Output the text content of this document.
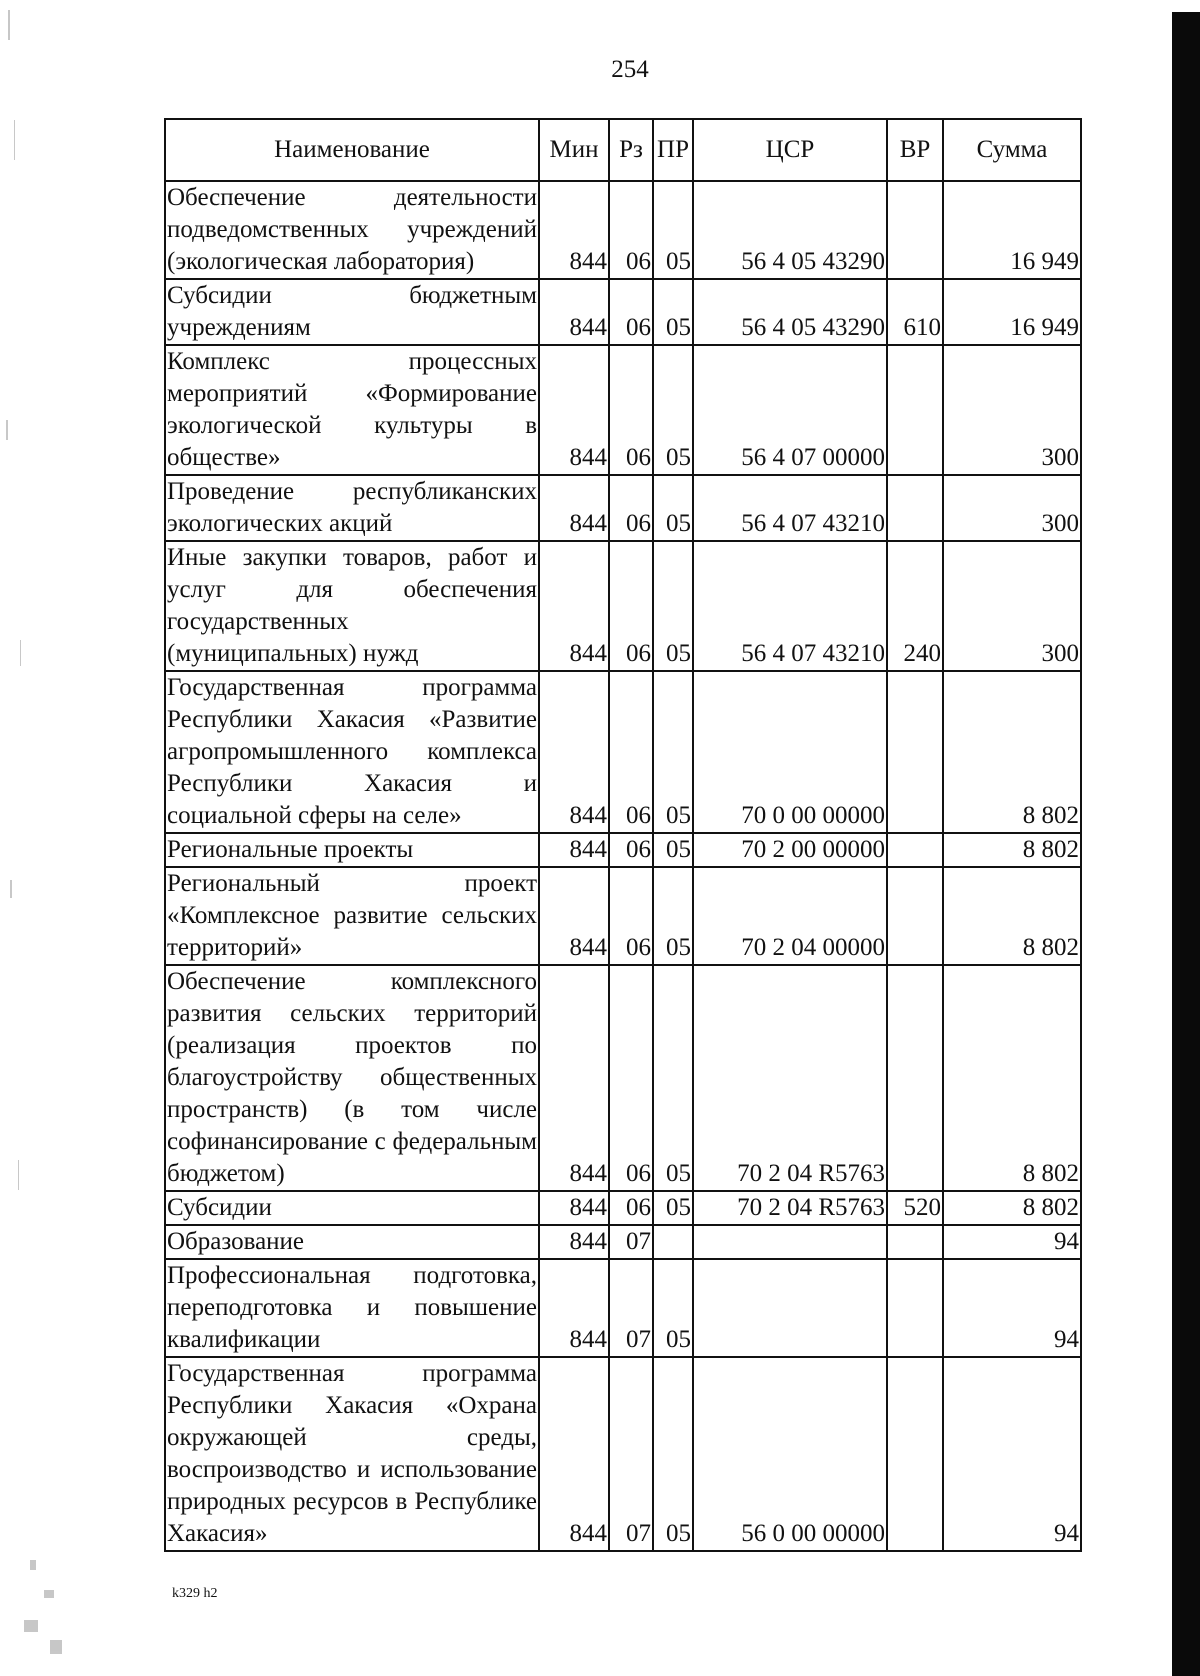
254
Наименование	Мин	Рз	ПР	ЦСР	ВР	Сумма
Обеспечение деятельности подведомственных учреждений (экологическая лаборатория)	844	06	05	56 4 05 43290		16 949
Субсидии бюджетным учреждениям	844	06	05	56 4 05 43290	610	16 949
Комплекс процессных мероприятий «Формирование экологической культуры в обществе»	844	06	05	56 4 07 00000		300
Проведение республиканских экологических акций	844	06	05	56 4 07 43210		300
Иные закупки товаров, работ и услуг для обеспечения государственных (муниципальных) нужд	844	06	05	56 4 07 43210	240	300
Государственная программа Республики Хакасия «Развитие агропромышленного комплекса Республики Хакасия и социальной сферы на селе»	844	06	05	70 0 00 00000		8 802
Региональные проекты	844	06	05	70 2 00 00000		8 802
Региональный проект «Комплексное развитие сельских территорий»	844	06	05	70 2 04 00000		8 802
Обеспечение комплексного развития сельских территорий (реализация проектов по благоустройству общественных пространств) (в том числе софинансирование с федеральным бюджетом)	844	06	05	70 2 04 R5763		8 802
Субсидии	844	06	05	70 2 04 R5763	520	8 802
Образование	844	07				94
Профессиональная подготовка, переподготовка и повышение квалификации	844	07	05			94
Государственная программа Республики Хакасия «Охрана окружающей среды, воспроизводство и использование природных ресурсов в Республике Хакасия»	844	07	05	56 0 00 00000		94
k329 h2
